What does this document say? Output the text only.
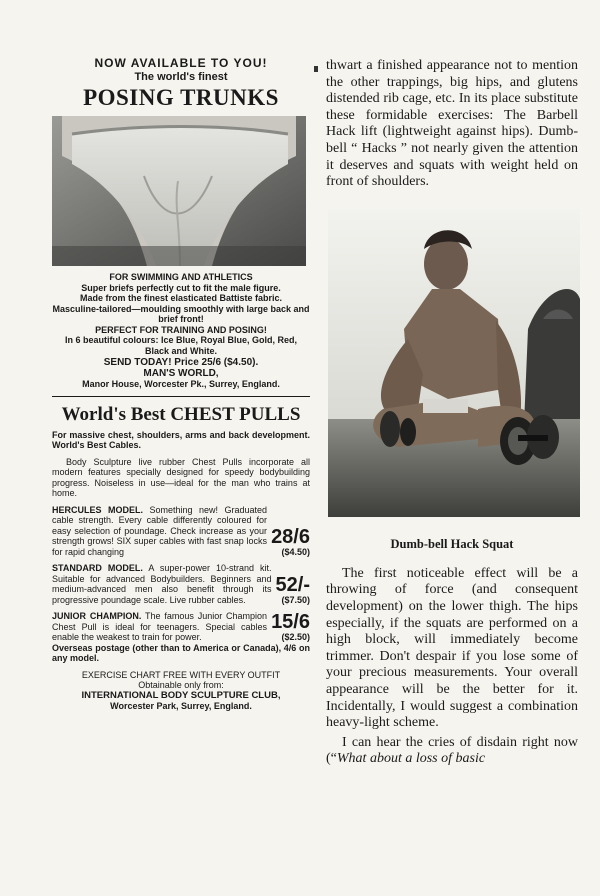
NOW AVAILABLE TO YOU!
The world's finest
POSING TRUNKS
FOR SWIMMING AND ATHLETICS
Super briefs perfectly cut to fit the male figure.
Made from the finest elasticated Battiste fabric.
Masculine-tailored—moulding smoothly with large back and brief front!
PERFECT FOR TRAINING AND POSING!
In 6 beautiful colours: Ice Blue, Royal Blue, Gold, Red, Black and White.
SEND TODAY! Price 25/6 ($4.50).
MAN'S WORLD,
Manor House, Worcester Pk., Surrey, England.
World's Best CHEST PULLS
For massive chest, shoulders, arms and back development. World's Best Cables.
Body Sculpture live rubber Chest Pulls incorporate all modern features specially designed for speedy bodybuilding progress. Noiseless in use—ideal for the man who trains at home.
HERCULES MODEL. Something new! Graduated cable strength. Every cable differently coloured for easy selection of poundage. Check increase as your strength grows! SIX super cables with fast snap locks for rapid changing
28/6
($4.50)
STANDARD MODEL. A super-power 10-strand kit. Suitable for advanced Bodybuilders. Beginners and medium-advanced men also benefit through its progressive poundage scale. Live rubber cables.
52/-
($7.50)
JUNIOR CHAMPION. The famous Junior Champion Chest Pull is ideal for teenagers. Special cables enable the weakest to train for power.
15/6
($2.50)
Overseas postage (other than to America or Canada), 4/6 on any model.
EXERCISE CHART FREE WITH EVERY OUTFIT
Obtainable only from:
INTERNATIONAL BODY SCULPTURE CLUB,
Worcester Park, Surrey, England.
thwart a finished appearance not to mention the other trappings, big hips, and glutens distended rib cage, etc. In its place substitute these formidable exercises: The Barbell Hack lift (lightweight against hips). Dumb-bell “ Hacks ” not nearly given the attention it deserves and squats with weight held on front of shoulders.
Dumb-bell Hack Squat
The first noticeable effect will be a throwing of force (and consequent development) on the lower thigh. The hips especially, if the squats are performed on a high block, will immediately become trimmer. Don't despair if you lose some of your precious measurements. Your overall appearance will be the better for it. Incidentally, I would suggest a combination heavy-light scheme.
I can hear the cries of disdain right now (“What about a loss of basic
